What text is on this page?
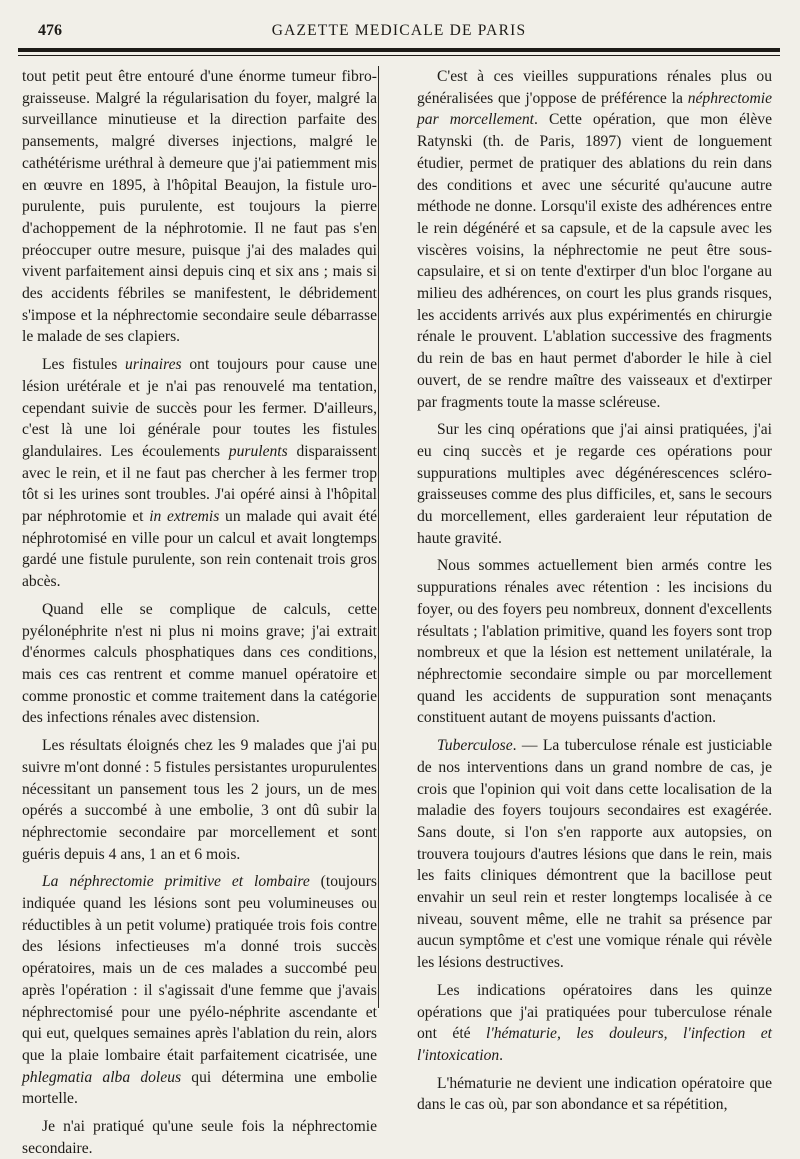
476	GAZETTE MEDICALE DE PARIS

tout petit peut être entouré d'une énorme tumeur fibro-graisseuse. Malgré la régularisation du foyer, malgré la surveillance minutieuse et la direction parfaite des pansements, malgré diverses injections, malgré le cathétérisme uréthral à demeure que j'ai patiemment mis en œuvre en 1895, à l'hôpital Beaujon, la fistule uro-purulente, puis purulente, est toujours la pierre d'achoppement de la néphrotomie. Il ne faut pas s'en préoccuper outre mesure, puisque j'ai des malades qui vivent parfaitement ainsi depuis cinq et six ans ; mais si des accidents fébriles se manifestent, le débridement s'impose et la néphrectomie secondaire seule débarrasse le malade de ses clapiers.

Les fistules urinaires ont toujours pour cause une lésion urétérale et je n'ai pas renouvelé ma tentation, cependant suivie de succès pour les fermer. D'ailleurs, c'est là une loi générale pour toutes les fistules glandulaires. Les écoulements purulents disparaissent avec le rein, et il ne faut pas chercher à les fermer trop tôt si les urines sont troubles. J'ai opéré ainsi à l'hôpital par néphrotomie et in extremis un malade qui avait été néphrotomisé en ville pour un calcul et avait longtemps gardé une fistule purulente, son rein contenait trois gros abcès.

Quand elle se complique de calculs, cette pyélonéphrite n'est ni plus ni moins grave; j'ai extrait d'énormes calculs phosphatiques dans ces conditions, mais ces cas rentrent et comme manuel opératoire et comme pronostic et comme traitement dans la catégorie des infections rénales avec distension.

Les résultats éloignés chez les 9 malades que j'ai pu suivre m'ont donné : 5 fistules persistantes uropurulentes nécessitant un pansement tous les 2 jours, un de mes opérés a succombé à une embolie, 3 ont dû subir la néphrectomie secondaire par morcellement et sont guéris depuis 4 ans, 1 an et 6 mois.

La néphrectomie primitive et lombaire (toujours indiquée quand les lésions sont peu volumineuses ou réductibles à un petit volume) pratiquée trois fois contre des lésions infectieuses m'a donné trois succès opératoires, mais un de ces malades a succombé peu après l'opération : il s'agissait d'une femme que j'avais néphrectomisé pour une pyélo-néphrite ascendante et qui eut, quelques semaines après l'ablation du rein, alors que la plaie lombaire était parfaitement cicatrisée, une phlegmatia alba doleus qui détermina une embolie mortelle.

Je n'ai pratiqué qu'une seule fois la néphrectomie secondaire.

C'est à ces vieilles suppurations rénales plus ou généralisées que j'oppose de préférence la néphrectomie par morcellement. Cette opération, que mon élève Ratynski (th. de Paris, 1897) vient de longuement étudier, permet de pratiquer des ablations du rein dans des conditions et avec une sécurité qu'aucune autre méthode ne donne. Lorsqu'il existe des adhérences entre le rein dégénéré et sa capsule, et de la capsule avec les viscères voisins, la néphrectomie ne peut être sous-capsulaire, et si on tente d'extirper d'un bloc l'organe au milieu des adhérences, on court les plus grands risques, les accidents arrivés aux plus expérimentés en chirurgie rénale le prouvent. L'ablation successive des fragments du rein de bas en haut permet d'aborder le hile à ciel ouvert, de se rendre maître des vaisseaux et d'extirper par fragments toute la masse scléreuse.

Sur les cinq opérations que j'ai ainsi pratiquées, j'ai eu cinq succès et je regarde ces opérations pour suppurations multiples avec dégénérescences scléro-graisseuses comme des plus difficiles, et, sans le secours du morcellement, elles garderaient leur réputation de haute gravité.

Nous sommes actuellement bien armés contre les suppurations rénales avec rétention : les incisions du foyer, ou des foyers peu nombreux, donnent d'excellents résultats ; l'ablation primitive, quand les foyers sont trop nombreux et que la lésion est nettement unilatérale, la néphrectomie secondaire simple ou par morcellement quand les accidents de suppuration sont menaçants constituent autant de moyens puissants d'action.

Tuberculose. — La tuberculose rénale est justiciable de nos interventions dans un grand nombre de cas, je crois que l'opinion qui voit dans cette localisation de la maladie des foyers toujours secondaires est exagérée. Sans doute, si l'on s'en rapporte aux autopsies, on trouvera toujours d'autres lésions que dans le rein, mais les faits cliniques démontrent que la bacillose peut envahir un seul rein et rester longtemps localisée à ce niveau, souvent même, elle ne trahit sa présence par aucun symptôme et c'est une vomique rénale qui révèle les lésions destructives.

Les indications opératoires dans les quinze opérations que j'ai pratiquées pour tuberculose rénale ont été l'hématurie, les douleurs, l'infection et l'intoxication.

L'hématurie ne devient une indication opératoire que dans le cas où, par son abondance et sa répétition,
